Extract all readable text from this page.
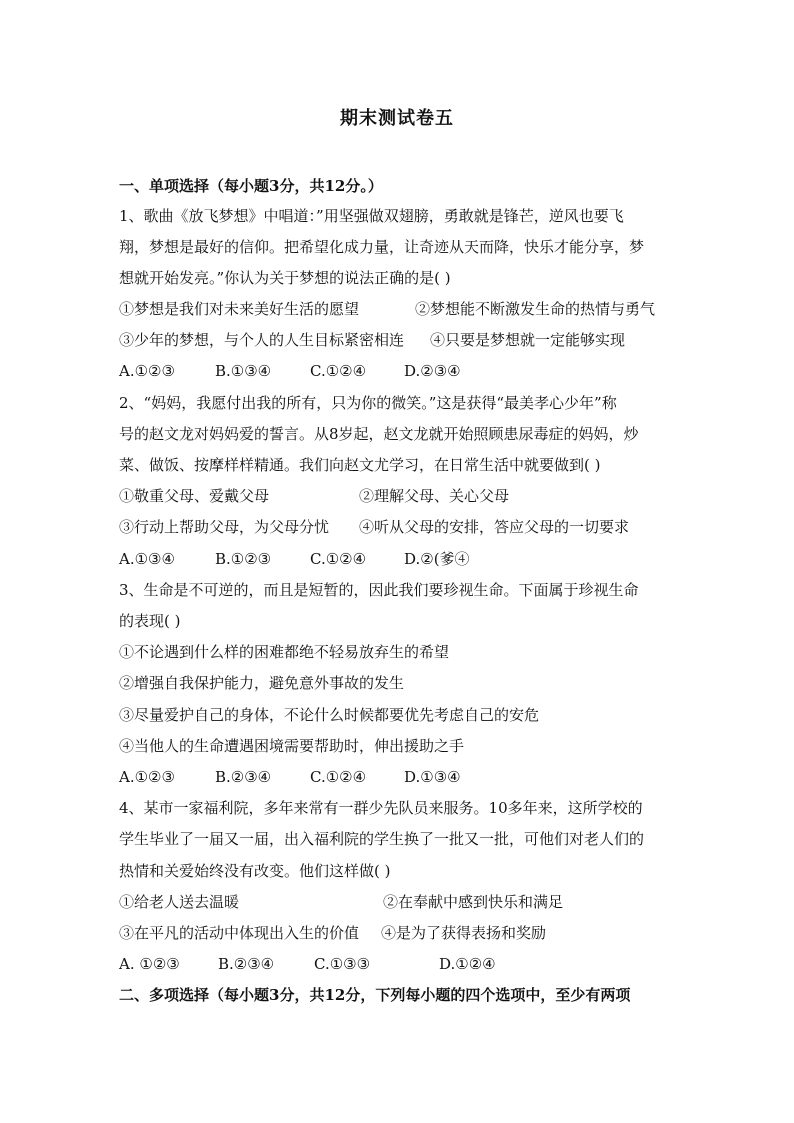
期末测试卷五
一、单项选择（每小题3分，共12分。）
1、歌曲《放飞梦想》中唱道：”用坚强做双翅膀，勇敢就是锋芒，逆风也要飞
翔，梦想是最好的信仰。把希望化成力量，让奇迹从天而降，快乐才能分享，梦
想就开始发亮。”你认为关于梦想的说法正确的是( )
①梦想是我们对未来美好生活的愿望	②梦想能不断激发生命的热情与勇气
③少年的梦想，与个人的人生目标紧密相连 ④只要是梦想就一定能够实现
A.①②③	B.①③④	C.①②④	D.②③④
2、“妈妈，我愿付出我的所有，只为你的微笑。”这是获得“最美孝心少年”称
号的赵文龙对妈妈爱的誓言。从8岁起，赵文龙就开始照顾患尿毒症的妈妈，炒
菜、做饭、按摩样样精通。我们向赵文尤学习，在日常生活中就要做到( )
①敬重父母、爱戴父母	②理解父母、关心父母
③行动上帮助父母，为父母分忧 ④听从父母的安排，答应父母的一切要求
A.①③④	B.①②③	C.①②④	D.②(爹④
3、生命是不可逆的，而且是短暂的，因此我们要珍视生命。下面属于珍视生命
的表现( )
①不论遇到什么样的困难都绝不轻易放弃生的希望
②增强自我保护能力，避免意外事故的发生
③尽量爱护自己的身体，不论什么时候都要优先考虑自己的安危
④当他人的生命遭遇困境需要帮助时，伸出援助之手
A.①②③	B.②③④	C.①②④	D.①③④
4、某市一家福利院，多年来常有一群少先队员来服务。10多年来，这所学校的
学生毕业了一届又一届，出入福利院的学生换了一批又一批，可他们对老人们的
热情和关爱始终没有改变。他们这样做( )
①给老人送去温暖	②在奉献中感到快乐和满足
③在平凡的活动中体现出入生的价值 ④是为了获得表扬和奖励
A. ①②③	B.②③④	C.①③③	D.①②④
二、多项选择（每小题3分，共12分，下列每小题的四个选项中，至少有两项
